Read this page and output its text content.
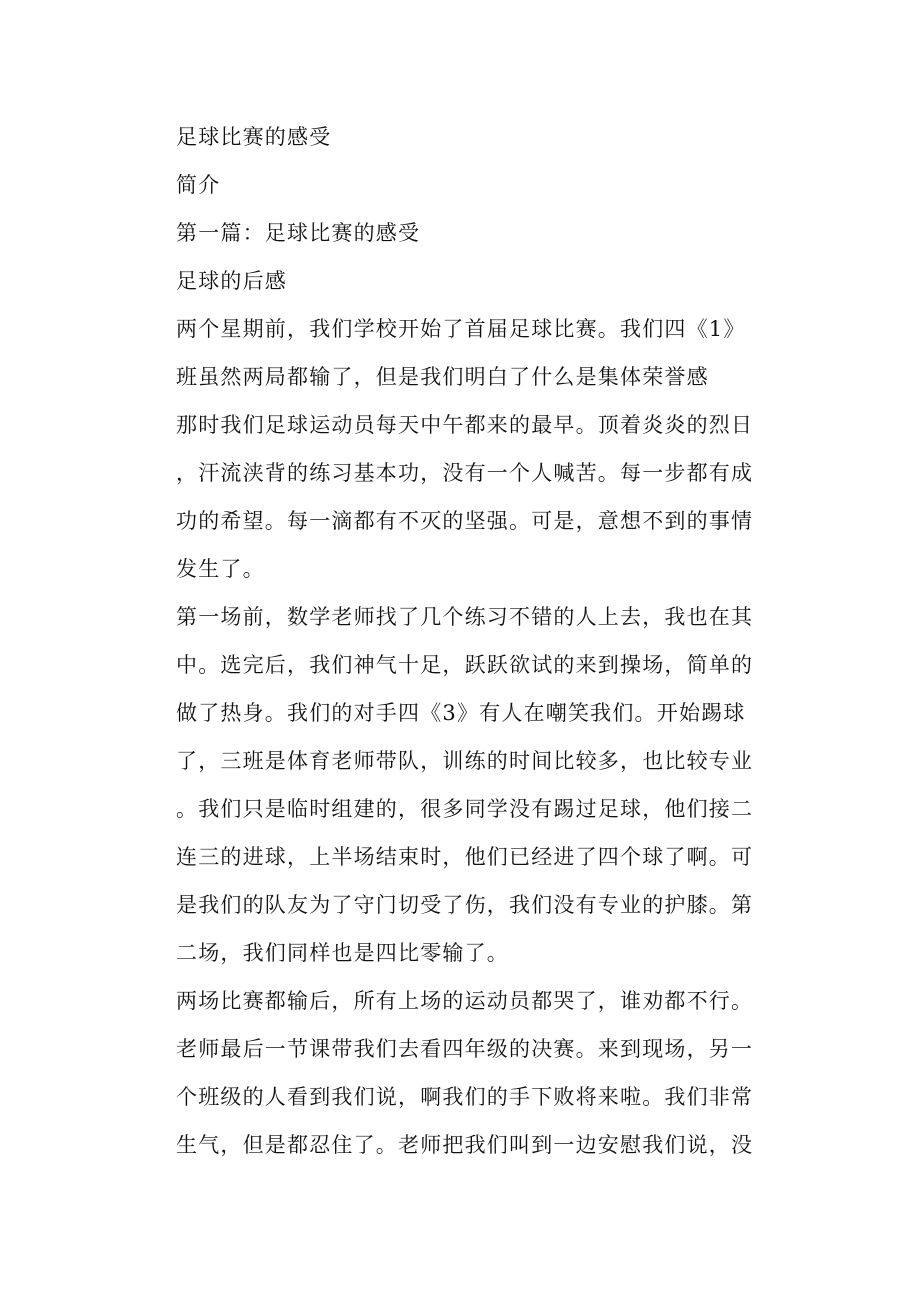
足球比赛的感受
简介
第一篇：足球比赛的感受
足球的后感
两个星期前，我们学校开始了首届足球比赛。我们四《1》
班虽然两局都输了，但是我们明白了什么是集体荣誉感
那时我们足球运动员每天中午都来的最早。顶着炎炎的烈日
，汗流浃背的练习基本功，没有一个人喊苦。每一步都有成
功的希望。每一滴都有不灭的坚强。可是，意想不到的事情
发生了。
第一场前，数学老师找了几个练习不错的人上去，我也在其
中。选完后，我们神气十足，跃跃欲试的来到操场，简单的
做了热身。我们的对手四《3》有人在嘲笑我们。开始踢球
了，三班是体育老师带队，训练的时间比较多，也比较专业
。我们只是临时组建的，很多同学没有踢过足球，他们接二
连三的进球，上半场结束时，他们已经进了四个球了啊。可
是我们的队友为了守门切受了伤，我们没有专业的护膝。第
二场，我们同样也是四比零输了。
两场比赛都输后，所有上场的运动员都哭了，谁劝都不行。
老师最后一节课带我们去看四年级的决赛。来到现场，另一
个班级的人看到我们说，啊我们的手下败将来啦。我们非常
生气，但是都忍住了。老师把我们叫到一边安慰我们说，没
